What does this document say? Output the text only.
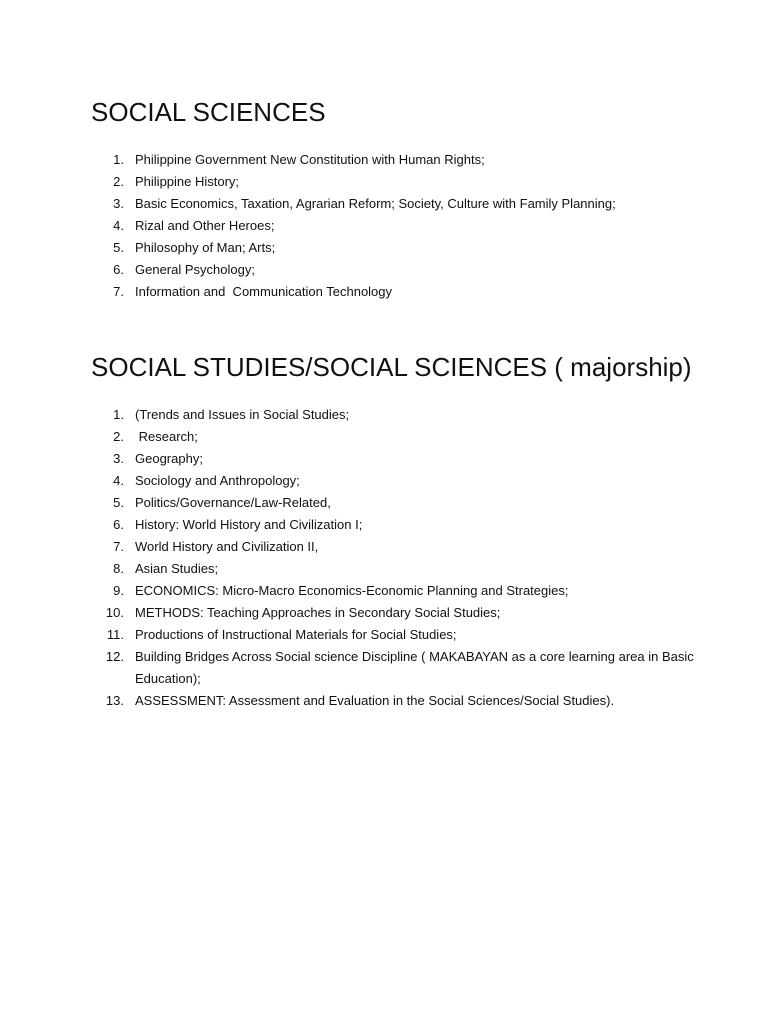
SOCIAL SCIENCES
1. Philippine Government New Constitution with Human Rights;
2. Philippine History;
3. Basic Economics, Taxation, Agrarian Reform; Society, Culture with Family Planning;
4. Rizal and Other Heroes;
5. Philosophy of Man; Arts;
6. General Psychology;
7. Information and  Communication Technology
SOCIAL STUDIES/SOCIAL SCIENCES ( majorship)
1. (Trends and Issues in Social Studies;
2. Research;
3. Geography;
4. Sociology and Anthropology;
5. Politics/Governance/Law-Related,
6. History: World History and Civilization I;
7. World History and Civilization II,
8. Asian Studies;
9. ECONOMICS: Micro-Macro Economics-Economic Planning and Strategies;
10. METHODS: Teaching Approaches in Secondary Social Studies;
11. Productions of Instructional Materials for Social Studies;
12. Building Bridges Across Social science Discipline ( MAKABAYAN as a core learning area in Basic Education);
13. ASSESSMENT: Assessment and Evaluation in the Social Sciences/Social Studies).
